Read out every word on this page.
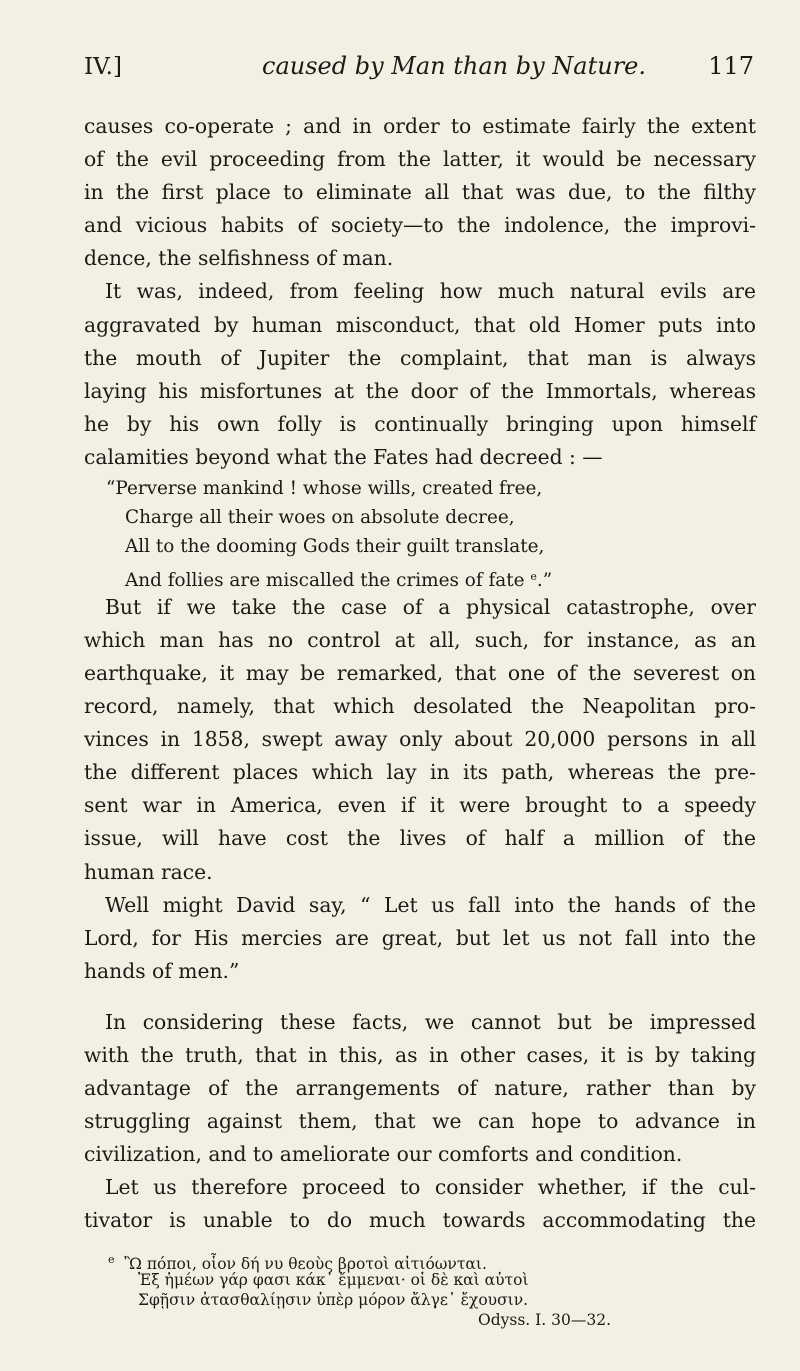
IV.]	caused by Man than by Nature.	117
causes co-operate ; and in order to estimate fairly the extent
of the evil proceeding from the latter, it would be necessary
in the first place to eliminate all that was due, to the filthy
and vicious habits of society—to the indolence, the improvi-
dence, the selfishness of man.
It was, indeed, from feeling how much natural evils are
aggravated by human misconduct, that old Homer puts into
the mouth of Jupiter the complaint, that man is always
laying his misfortunes at the door of the Immortals, whereas
he by his own folly is continually bringing upon himself
calamities beyond what the Fates had decreed : —
“Perverse mankind ! whose wills, created free,
Charge all their woes on absolute decree,
All to the dooming Gods their guilt translate,
And follies are miscalled the crimes of fate $^e$.”
But if we take the case of a physical catastrophe, over
which man has no control at all, such, for instance, as an
earthquake, it may be remarked, that one of the severest on
record, namely, that which desolated the Neapolitan pro-
vinces in 1858, swept away only about 20,000 persons in all
the different places which lay in its path, whereas the pre-
sent war in America, even if it were brought to a speedy
issue, will have cost the lives of half a million of the
human race.
Well might David say, “ Let us fall into the hands of the
Lord, for His mercies are great, but let us not fall into the
hands of men.”
In considering these facts, we cannot but be impressed
with the truth, that in this, as in other cases, it is by taking
advantage of the arrangements of nature, rather than by
struggling against them, that we can hope to advance in
civilization, and to ameliorate our comforts and condition.
Let us therefore proceed to consider whether, if the cul-
tivator is unable to do much towards accommodating the
$^e$ Ὢ πόποι, οἷον δή νυ θεοὺς βροτοὶ αἰτιόωνται.
Ἐξ ἡμέων γάρ φασι κάκ᾽ ἔμμεναι· οἱ δὲ καὶ αὐτοὶ
Σφῇσιν ἀτασθαλίῃσιν ὑπὲρ μόρον ἄλγε᾽ ἔχουσιν.
Odyss. I. 30—32.
